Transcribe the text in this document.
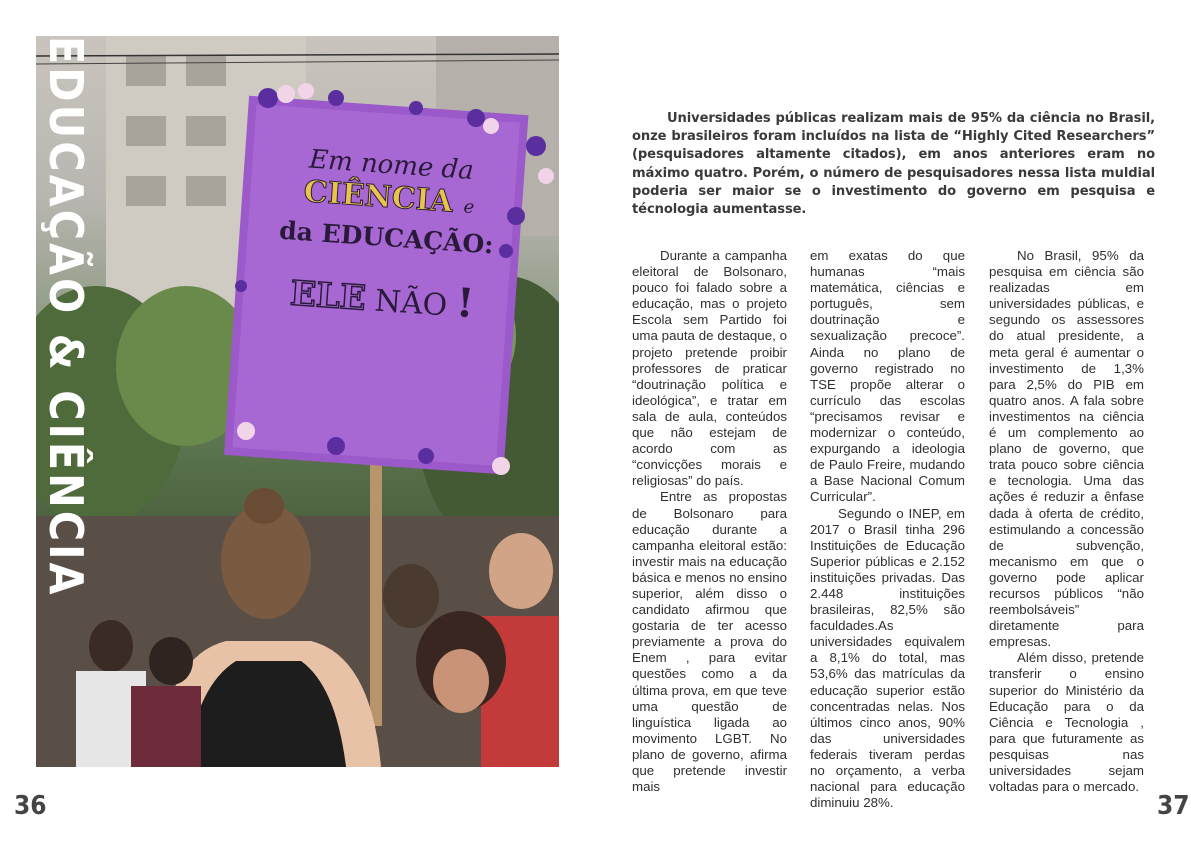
Em nome da
CIÊNCIA e
da EDUCAÇÃO:
ELE NÃO !
EDUCAÇÃO & CIÊNCIA
36
Universidades públicas realizam mais de 95% da ciência no Brasil, onze brasileiros foram incluídos na lista de “Highly Cited Researchers” (pesquisadores altamente citados), em anos anteriores eram no máximo quatro. Porém, o número de pesquisadores nessa lista muldial poderia ser maior se o investimento do governo em pesquisa e técnologia aumentasse.

Durante a campanha eleitoral de Bolsonaro, pouco foi falado sobre a educação, mas o projeto Escola sem Partido foi uma pauta de destaque, o projeto pretende proibir professores de praticar “doutrinação política e ideológica”, e tratar em sala de aula, conteúdos que não estejam de acordo com as “convicções morais e religiosas” do país.

Entre as propostas de Bolsonaro para educação durante a campanha eleitoral estão: investir mais na educação básica e menos no ensino superior, além disso o candidato afirmou que gostaria de ter acesso previamente a prova do Enem , para evitar questões como a da última prova, em que teve uma questão de linguística ligada ao movimento LGBT. No plano de governo, afirma que pretende investir mais

em exatas do que humanas “mais matemática, ciências e português, sem doutrinação e sexualização precoce”. Ainda no plano de governo registrado no TSE propõe alterar o currículo das escolas “precisamos revisar e modernizar o conteúdo, expurgando a ideologia de Paulo Freire, mudando a Base Nacional Comum Curricular”.

Segundo o INEP, em 2017 o Brasil tinha 296 Instituições de Educação Superior públicas e 2.152 instituições privadas. Das 2.448 instituições brasileiras, 82,5% são faculdades.As universidades equivalem a 8,1% do total, mas 53,6% das matrículas da educação superior estão concentradas nelas. Nos últimos cinco anos, 90% das universidades federais tiveram perdas no orçamento, a verba nacional para educação diminuiu 28%.

No Brasil, 95% da pesquisa em ciência são realizadas em universidades públicas, e segundo os assessores do atual presidente, a meta geral é aumentar o investimento de 1,3% para 2,5% do PIB em quatro anos. A fala sobre investimentos na ciência é um complemento ao plano de governo, que trata pouco sobre ciência e tecnologia. Uma das ações é reduzir a ênfase dada à oferta de crédito, estimulando a concessão de subvenção, mecanismo em que o governo pode aplicar recursos públicos “não reembolsáveis” diretamente para empresas.

Além disso, pretende transferir o ensino superior do Ministério da Educação para o da Ciência e Tecnologia , para que futuramente as pesquisas nas universidades sejam voltadas para o mercado.

37
